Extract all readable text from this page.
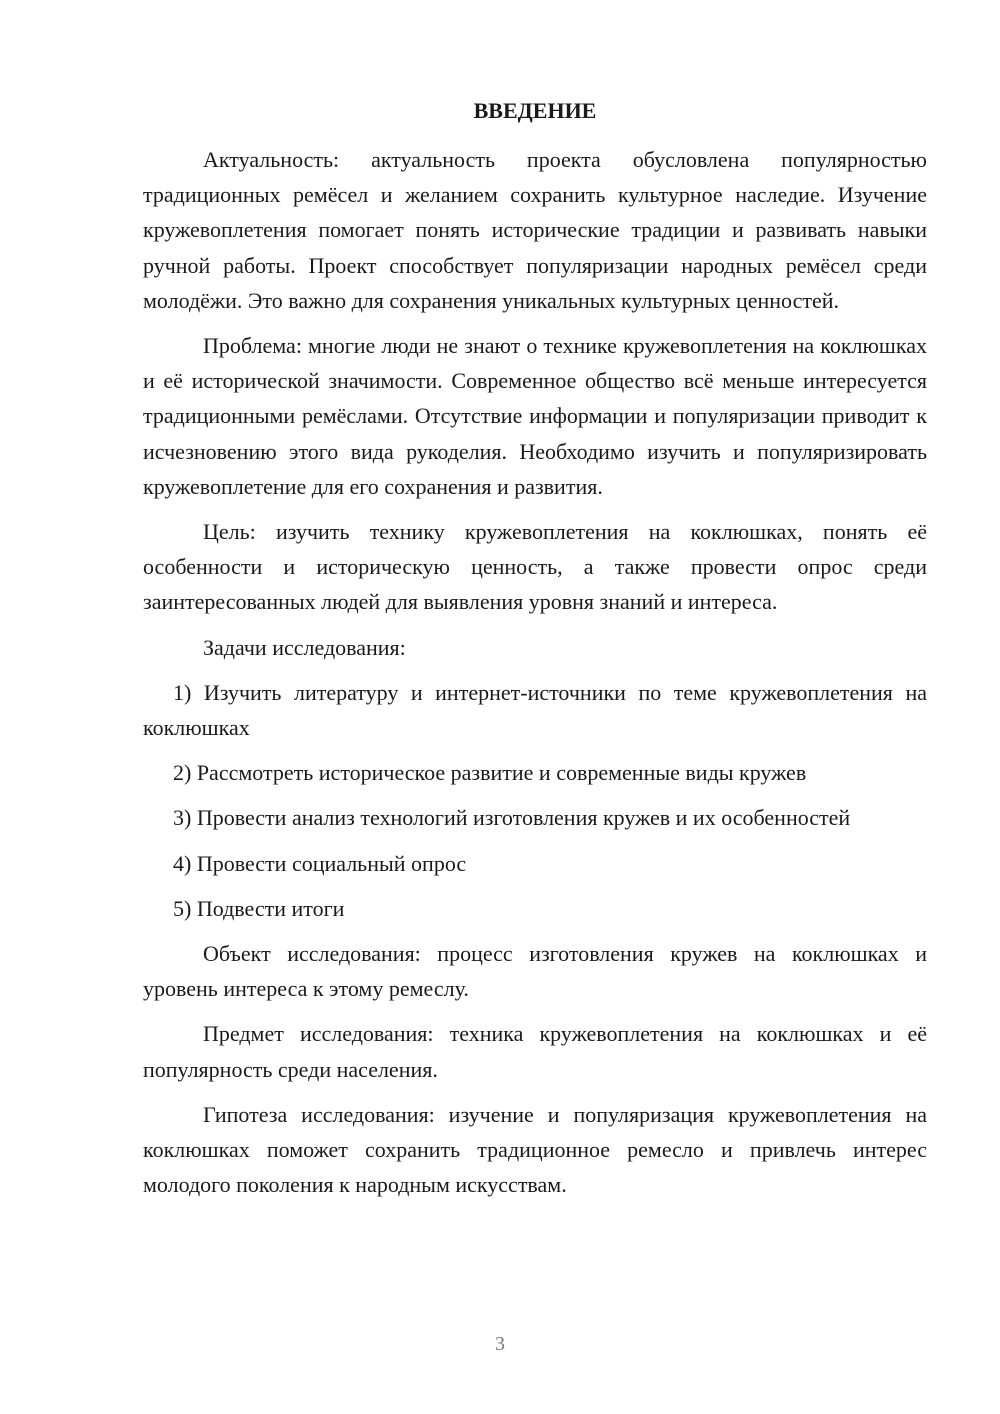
ВВЕДЕНИЕ

Актуальность: актуальность проекта обусловлена популярностью традиционных ремёсел и желанием сохранить культурное наследие. Изучение кружевоплетения помогает понять исторические традиции и развивать навыки ручной работы. Проект способствует популяризации народных ремёсел среди молодёжи. Это важно для сохранения уникальных культурных ценностей.

Проблема: многие люди не знают о технике кружевоплетения на коклюшках и её исторической значимости. Современное общество всё меньше интересуется традиционными ремёслами. Отсутствие информации и популяризации приводит к исчезновению этого вида рукоделия. Необходимо изучить и популяризировать кружевоплетение для его сохранения и развития.

Цель: изучить технику кружевоплетения на коклюшках, понять её особенности и историческую ценность, а также провести опрос среди заинтересованных людей для выявления уровня знаний и интереса.

Задачи исследования:

1) Изучить литературу и интернет-источники по теме кружевоплетения на коклюшках

2) Рассмотреть историческое развитие и современные виды кружев

3) Провести анализ технологий изготовления кружев и их особенностей

4) Провести социальный опрос

5) Подвести итоги

Объект исследования: процесс изготовления кружев на коклюшках и уровень интереса к этому ремеслу.

Предмет исследования: техника кружевоплетения на коклюшках и её популярность среди населения.

Гипотеза исследования: изучение и популяризация кружевоплетения на коклюшках поможет сохранить традиционное ремесло и привлечь интерес молодого поколения к народным искусствам.

3
